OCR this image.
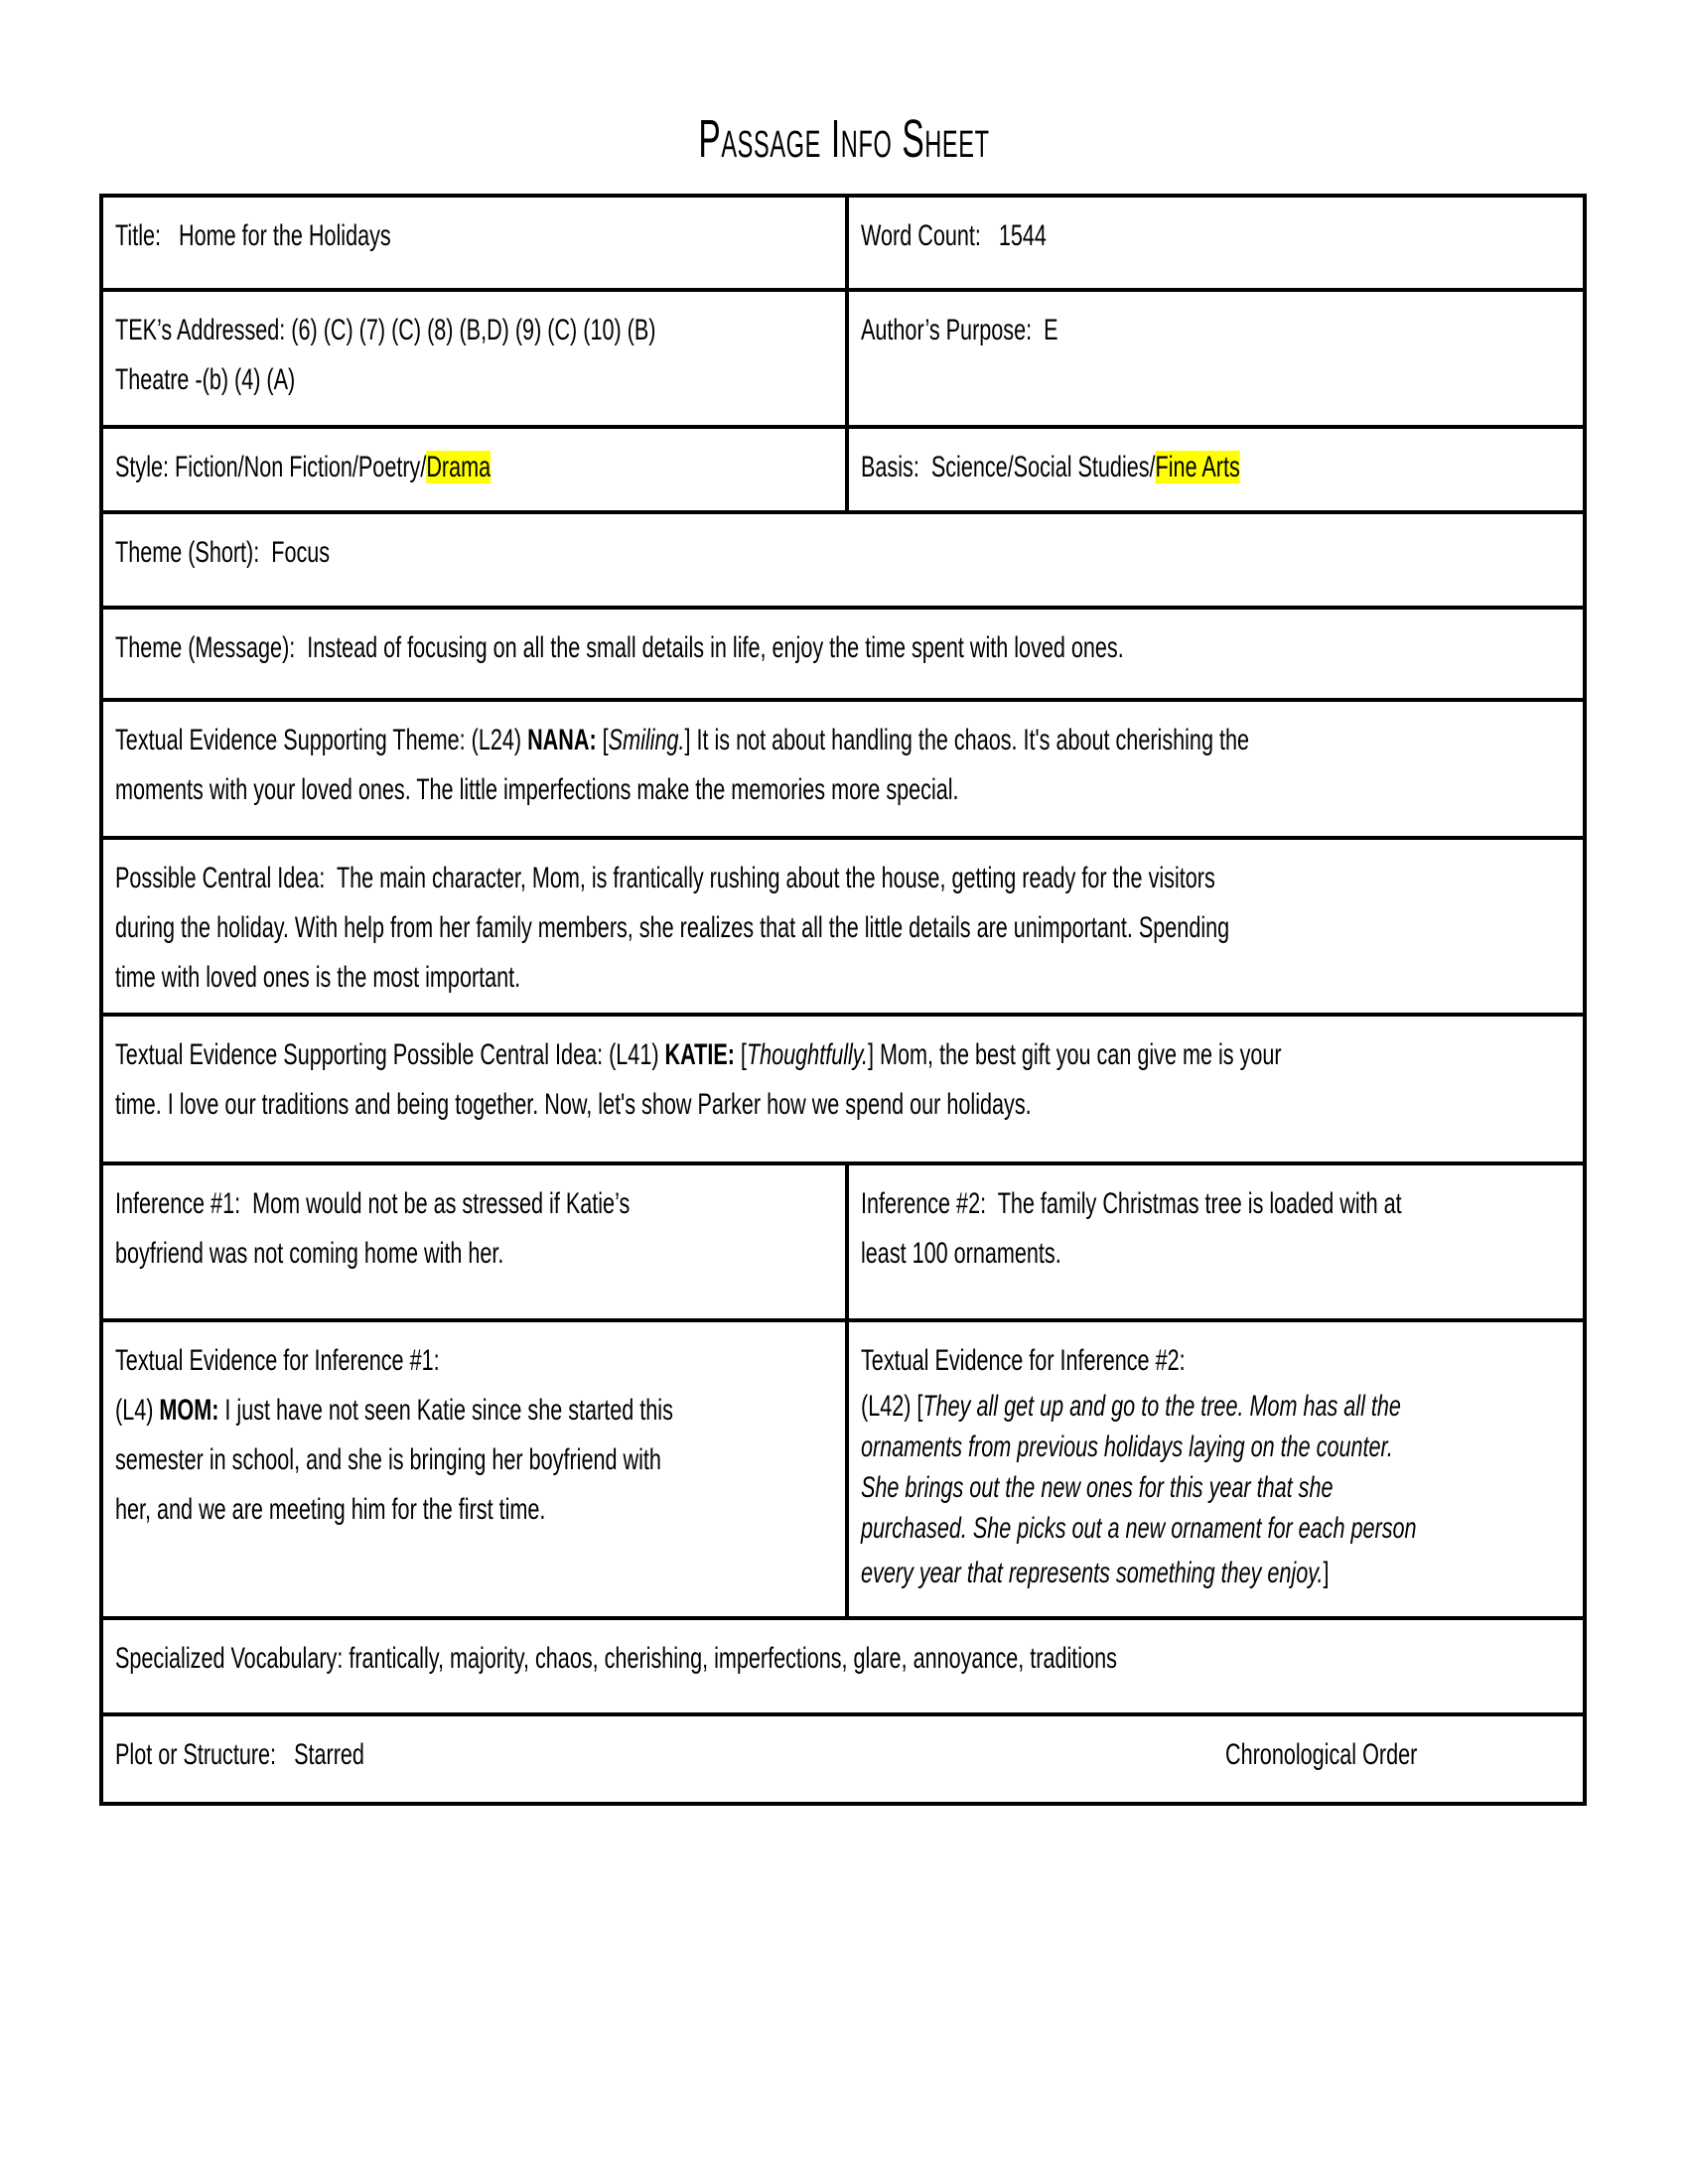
Passage Info Sheet
Title: Home for the Holidays	Word Count: 1544
TEK’s Addressed: (6) (C) (7) (C) (8) (B,D) (9) (C) (10) (B)
Theatre -(b) (4) (A)
Author’s Purpose: E
Style: Fiction/Non Fiction/Poetry/Drama	Basis: Science/Social Studies/Fine Arts
Theme (Short): Focus
Theme (Message): Instead of focusing on all the small details in life, enjoy the time spent with loved ones.
Textual Evidence Supporting Theme: (L24) NANA: [Smiling.] It is not about handling the chaos. It's about cherishing the
moments with your loved ones. The little imperfections make the memories more special.
Possible Central Idea: The main character, Mom, is frantically rushing about the house, getting ready for the visitors
during the holiday. With help from her family members, she realizes that all the little details are unimportant. Spending
time with loved ones is the most important.
Textual Evidence Supporting Possible Central Idea: (L41) KATIE: [Thoughtfully.] Mom, the best gift you can give me is your
time. I love our traditions and being together. Now, let's show Parker how we spend our holidays.
Inference #1: Mom would not be as stressed if Katie’s
boyfriend was not coming home with her.
Inference #2: The family Christmas tree is loaded with at
least 100 ornaments.
Textual Evidence for Inference #1:
(L4) MOM: I just have not seen Katie since she started this
semester in school, and she is bringing her boyfriend with
her, and we are meeting him for the first time.
Textual Evidence for Inference #2:
(L42) [They all get up and go to the tree. Mom has all the
ornaments from previous holidays laying on the counter.
She brings out the new ones for this year that she
purchased. She picks out a new ornament for each person
every year that represents something they enjoy.]
Specialized Vocabulary: frantically, majority, chaos, cherishing, imperfections, glare, annoyance, traditions
Plot or Structure: Starred	Chronological Order
